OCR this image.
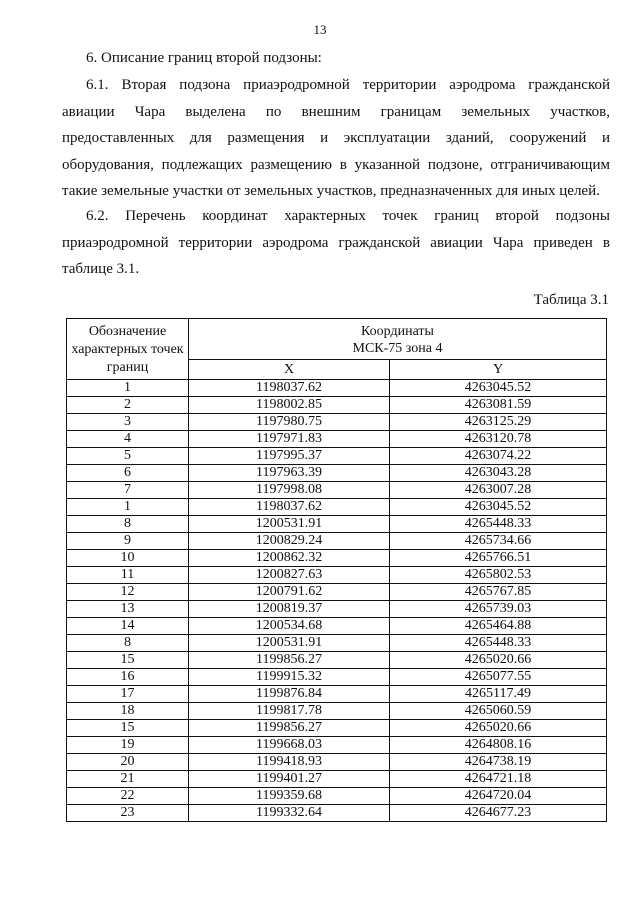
13
6. Описание границ второй подзоны:
6.1. Вторая подзона приаэродромной территории аэродрома гражданской авиации Чара выделена по внешним границам земельных участков, предоставленных для размещения и эксплуатации зданий, сооружений и оборудования, подлежащих размещению в указанной подзоне, отграничивающим такие земельные участки от земельных участков, предназначенных для иных целей.
6.2. Перечень координат характерных точек границ второй подзоны приаэродромной территории аэродрома гражданской авиации Чара приведен в таблице 3.1.
Таблица 3.1
Обозначение характерных точек границ	Координаты
МСК-75 зона 4	

	X	Y
1	1198037.62	4263045.52
2	1198002.85	4263081.59
3	1197980.75	4263125.29
4	1197971.83	4263120.78
5	1197995.37	4263074.22
6	1197963.39	4263043.28
7	1197998.08	4263007.28
1	1198037.62	4263045.52
8	1200531.91	4265448.33
9	1200829.24	4265734.66
10	1200862.32	4265766.51
11	1200827.63	4265802.53
12	1200791.62	4265767.85
13	1200819.37	4265739.03
14	1200534.68	4265464.88
8	1200531.91	4265448.33
15	1199856.27	4265020.66
16	1199915.32	4265077.55
17	1199876.84	4265117.49
18	1199817.78	4265060.59
15	1199856.27	4265020.66
19	1199668.03	4264808.16
20	1199418.93	4264738.19
21	1199401.27	4264721.18
22	1199359.68	4264720.04
23	1199332.64	4264677.23
